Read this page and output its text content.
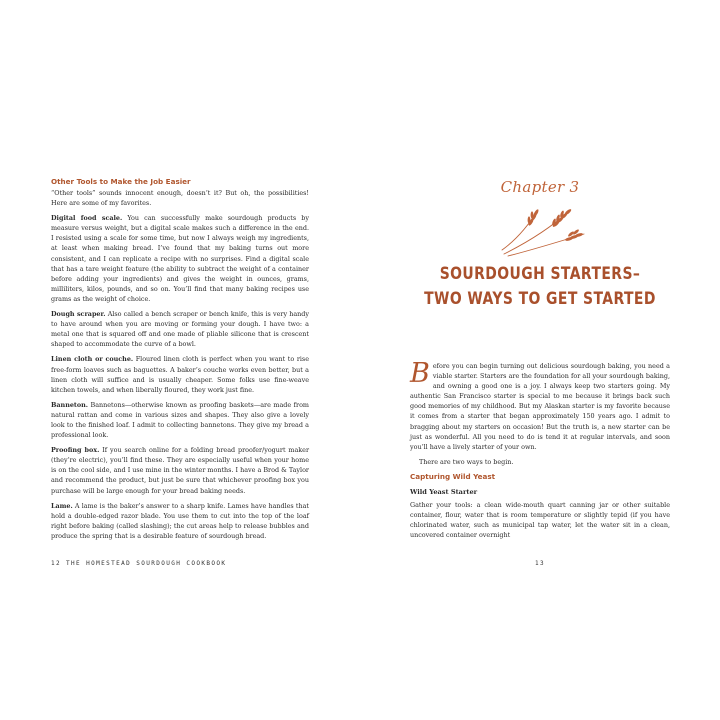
Other Tools to Make the Job Easier

“Other tools” sounds innocent enough, doesn’t it? But oh, the possibilities! Here are some of my favorites.

Digital food scale. You can successfully make sourdough products by measure versus weight, but a digital scale makes such a difference in the end. I resisted using a scale for some time, but now I always weigh my ingredients, at least when making bread. I’ve found that my baking turns out more consistent, and I can replicate a recipe with no surprises. Find a digital scale that has a tare weight feature (the ability to subtract the weight of a container before adding your ingredients) and gives the weight in ounces, grams, milliliters, kilos, pounds, and so on. You’ll find that many baking recipes use grams as the weight of choice.

Dough scraper. Also called a bench scraper or bench knife, this is very handy to have around when you are moving or forming your dough. I have two: a metal one that is squared off and one made of pliable silicone that is crescent shaped to accommodate the curve of a bowl.

Linen cloth or couche. Floured linen cloth is perfect when you want to rise free-form loaves such as baguettes. A baker’s couche works even better, but a linen cloth will suffice and is usually cheaper. Some folks use fine-weave kitchen towels, and when liberally floured, they work just fine.

Banneton. Bannetons—otherwise known as proofing baskets—are made from natural rattan and come in various sizes and shapes. They also give a lovely look to the finished loaf. I admit to collecting bannetons. They give my bread a professional look.

Proofing box. If you search online for a folding bread proofer/yogurt maker (they’re electric), you’ll find these. They are especially useful when your home is on the cool side, and I use mine in the winter months. I have a Brod & Taylor and recommend the product, but just be sure that whichever proofing box you purchase will be large enough for your bread baking needs.

Lame. A lame is the baker’s answer to a sharp knife. Lames have handles that hold a double-edged razor blade. You use them to cut into the top of the loaf right before baking (called slashing); the cut areas help to release bubbles and produce the spring that is a desirable feature of sourdough bread.

12 THE HOMESTEAD SOURDOUGH COOKBOOK
Chapter 3
SOURDOUGH STARTERS–
TWO WAYS TO GET STARTED

Before you can begin turning out delicious sourdough baking, you need a viable starter. Starters are the foundation for all your sourdough baking, and owning a good one is a joy. I always keep two starters going. My authentic San Francisco starter is special to me because it brings back such good memories of my childhood. But my Alaskan starter is my favorite because it comes from a starter that began approximately 150 years ago. I admit to bragging about my starters on occasion! But the truth is, a new starter can be just as wonderful. All you need to do is tend it at regular intervals, and soon you’ll have a lively starter of your own.

There are two ways to begin.

Capturing Wild Yeast
Wild Yeast Starter

Gather your tools: a clean wide-mouth quart canning jar or other suitable container, flour, water that is room temperature or slightly tepid (if you have chlorinated water, such as municipal tap water, let the water sit in a clean, uncovered container overnight

13
